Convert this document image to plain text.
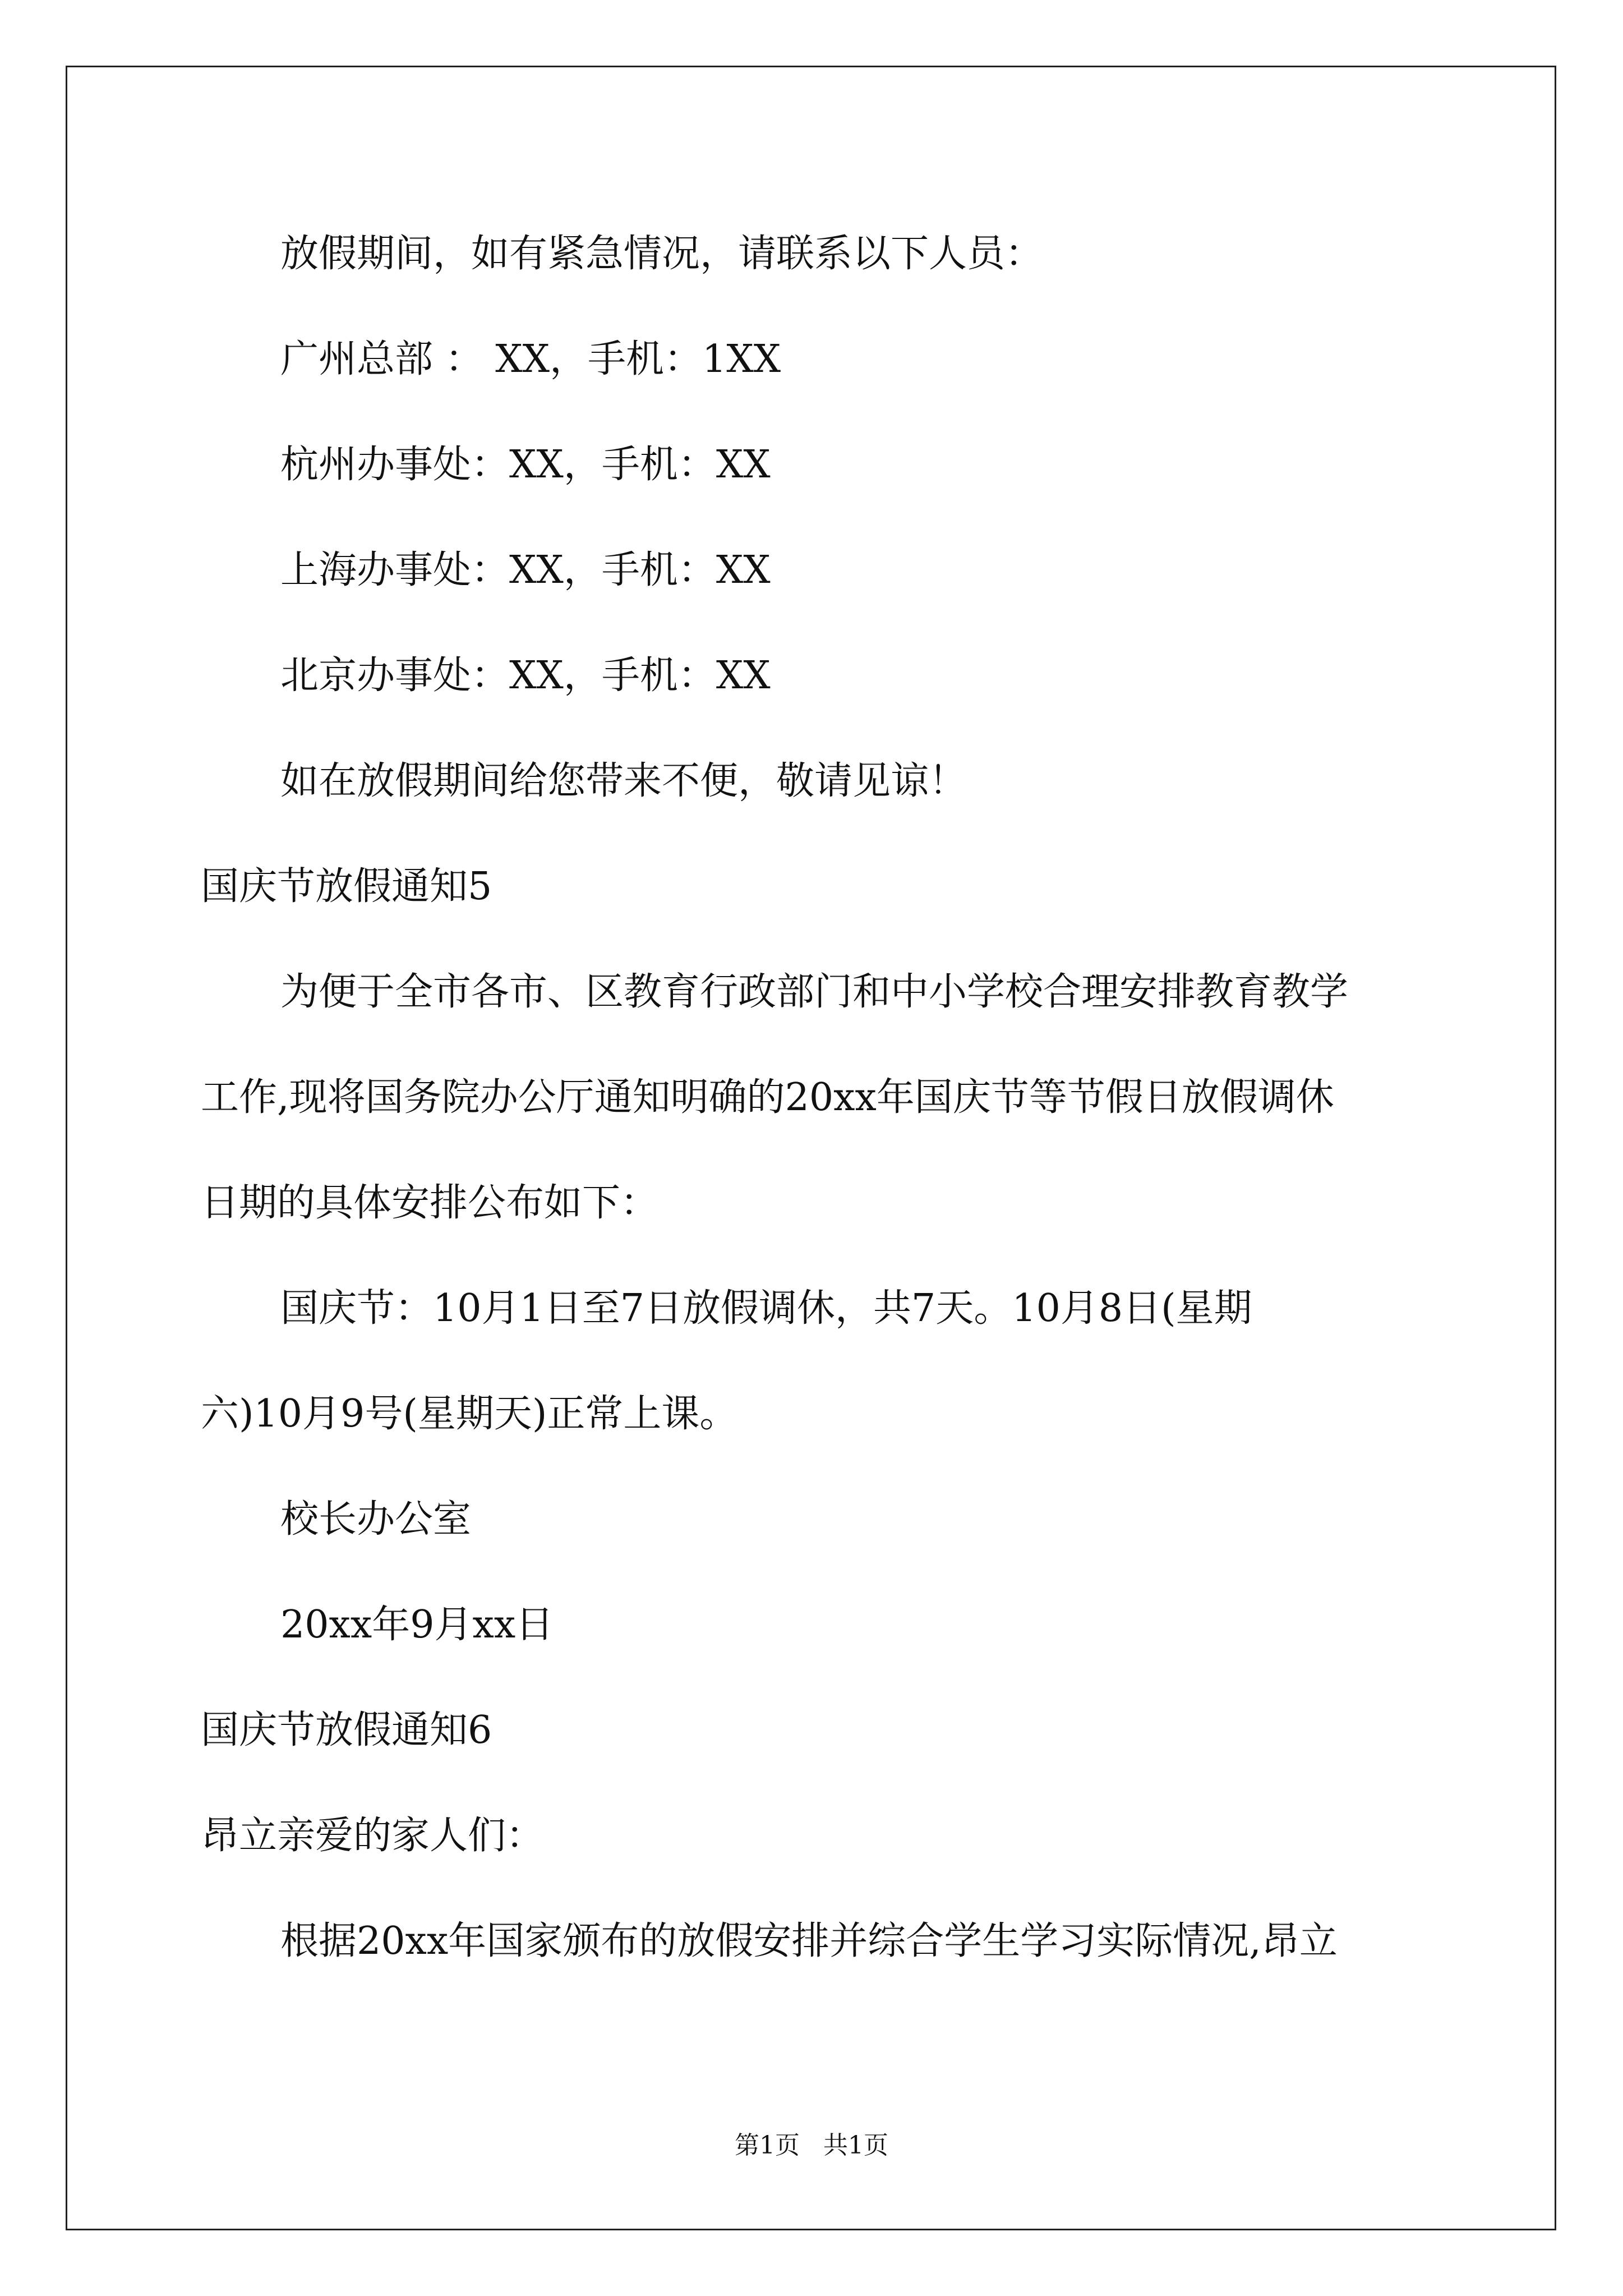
放假期间，如有紧急情况，请联系以下人员：
广州总部 ： XX，手机：1XX
杭州办事处：XX，手机：XX
上海办事处：XX，手机：XX
北京办事处：XX，手机：XX
如在放假期间给您带来不便，敬请见谅！
国庆节放假通知5
为便于全市各市、区教育行政部门和中小学校合理安排教育教学
工作,现将国务院办公厅通知明确的20xx年国庆节等节假日放假调休
日期的具体安排公布如下：
国庆节：10月1日至7日放假调休，共7天。10月8日(星期
六)10月9号(星期天)正常上课。
校长办公室
20xx年9月xx日
国庆节放假通知6
昂立亲爱的家人们：
根据20xx年国家颁布的放假安排并综合学生学习实际情况,昂立
第1页   共1页
